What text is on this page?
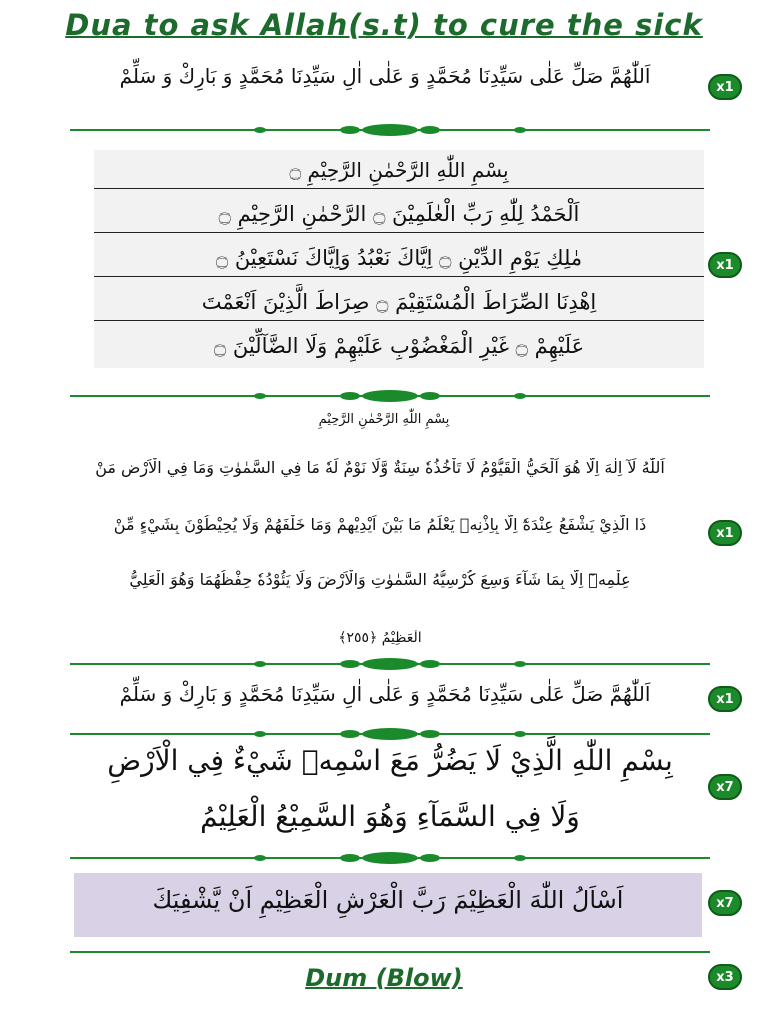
Dua to ask Allah(s.t) to cure the sick
اَللّٰهُمَّ صَلِّ عَلٰى سَيِّدِنَا مُحَمَّدٍ وَ عَلٰى اٰلِ سَيِّدِنَا مُحَمَّدٍ وَ بَارِكْ وَ سَلِّمْ	x1
بِسْمِ اللّٰهِ الرَّحْمٰنِ الرَّحِيْمِ ۝
اَلْحَمْدُ لِلّٰهِ رَبِّ الْعٰلَمِيْنَ ۝ الرَّحْمٰنِ الرَّحِيْمِ ۝
مٰلِكِ يَوْمِ الدِّيْنِ ۝ اِيَّاكَ نَعْبُدُ وَاِيَّاكَ نَسْتَعِيْنُ ۝
اِهْدِنَا الصِّرَاطَ الْمُسْتَقِيْمَ ۝ صِرَاطَ الَّذِيْنَ اَنْعَمْتَ
عَلَيْهِمْ ۝ غَيْرِ الْمَغْضُوْبِ عَلَيْهِمْ وَلَا الضَّآلِّيْنَ ۝
x1
بِسْمِ اللّٰهِ الرَّحْمٰنِ الرَّحِيْمِ
اَللّٰهُ لَآ اِلٰهَ اِلَّا هُوَ اَلْحَيُّ الْقَيُّوْمُ لَا تَاْخُذُهٗ سِنَةٌ وَّلَا نَوْمٌ لَهٗ مَا فِي السَّمٰوٰتِ وَمَا فِي الْاَرْضِ مَنْ
ذَا الَّذِيْ يَشْفَعُ عِنْدَهٗٓ اِلَّا بِاِذْنِهٖ يَعْلَمُ مَا بَيْنَ اَيْدِيْهِمْ وَمَا خَلْفَهُمْ وَلَا يُحِيْطُوْنَ بِشَيْءٍ مِّنْ
عِلْمِهٖٓ اِلَّا بِمَا شَآءَ وَسِعَ كُرْسِيُّهُ السَّمٰوٰتِ وَالْاَرْضَ وَلَا يَئُوْدُهٗ حِفْظُهُمَا وَهُوَ الْعَلِيُّ
الْعَظِيْمُ ﴿٢٥٥﴾
x1
اَللّٰهُمَّ صَلِّ عَلٰى سَيِّدِنَا مُحَمَّدٍ وَ عَلٰى اٰلِ سَيِّدِنَا مُحَمَّدٍ وَ بَارِكْ وَ سَلِّمْ	x1
بِسْمِ اللّٰهِ الَّذِيْ لَا يَضُرُّ مَعَ اسْمِهٖ شَيْءٌ فِي الْاَرْضِ
وَلَا فِي السَّمَآءِ وَهُوَ السَّمِيْعُ الْعَلِيْمُ
x7
اَسْاَلُ اللّٰهَ الْعَظِيْمَ رَبَّ الْعَرْشِ الْعَظِيْمِ اَنْ يَّشْفِيَكَ	x7
Dum (Blow)	x3
